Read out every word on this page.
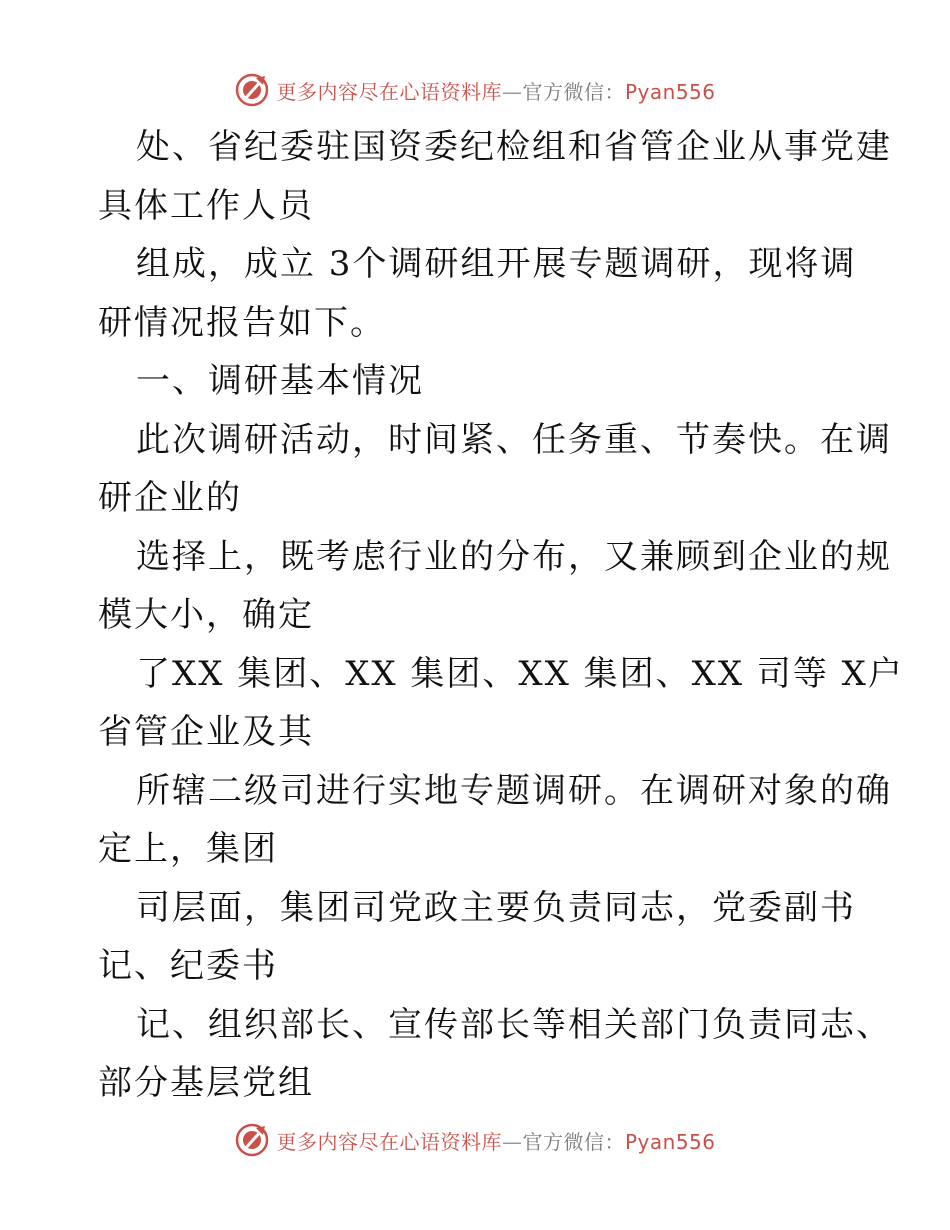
更多内容尽在心语资料库—官方微信：Pyan556
处、省纪委驻国资委纪检组和省管企业从事党建
具体工作人员
组成，成立 3个调研组开展专题调研，现将调
研情况报告如下。
一、调研基本情况
此次调研活动，时间紧、任务重、节奏快。在调
研企业的
选择上，既考虑行业的分布，又兼顾到企业的规
模大小，确定
了XX 集团、XX 集团、XX 集团、XX 司等 X户
省管企业及其
所辖二级司进行实地专题调研。在调研对象的确
定上，集团
司层面，集团司党政主要负责同志，党委副书
记、纪委书
记、组织部长、宣传部长等相关部门负责同志、
部分基层党组
更多内容尽在心语资料库—官方微信：Pyan556
